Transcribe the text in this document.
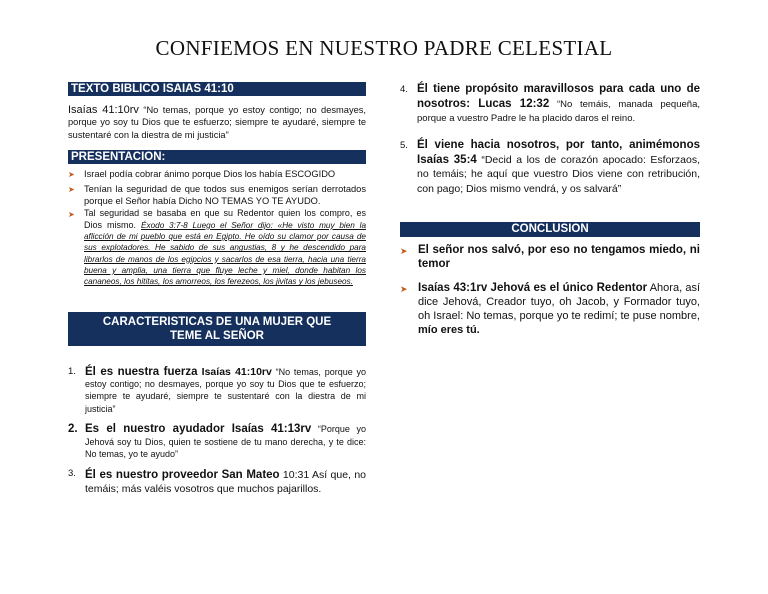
CONFIEMOS EN NUESTRO PADRE CELESTIAL
TEXTO BIBLICO ISAIAS 41:10
Isaías 41:10rv “No temas, porque yo estoy contigo; no desmayes, porque yo soy tu Dios que te esfuerzo; siempre te ayudaré, siempre te sustentaré con la diestra de mi justicia”
PRESENTACION:
➤ Israel podía cobrar ánimo porque Dios los había ESCOGIDO
➤ Tenían la seguridad de que todos sus enemigos serían derrotados porque el Señor había Dicho NO TEMAS YO TE AYUDO.
➤	Tal seguridad se basaba en que su Redentor quien los compro, es Dios mismo. Éxodo 3:7-8 Luego el Señor dijo: «He visto muy bien la aflicción de mi pueblo que está en Egipto. He oído su clamor por causa de sus explotadores. He sabido de sus angustias, 8 y he descendido para librarlos de manos de los egipcios y sacarlos de esa tierra, hacia una tierra buena y amplia, una tierra que fluye leche y miel, donde habitan los cananeos, los hititas, los amorreos, los ferezeos, los jivitas y los jebuseos.
CARACTERISTICAS DE UNA MUJER QUE
TEME AL SEÑOR
1. Él es nuestra fuerza Isaías 41:10rv “No temas, porque yo estoy contigo; no desmayes, porque yo soy tu Dios que te esfuerzo; siempre te ayudaré, siempre te sustentaré con la diestra de mi justicia”
2. Es el nuestro ayudador Isaías 41:13rv “Porque yo Jehová soy tu Dios, quien te sostiene de tu mano derecha, y te dice: No temas, yo te ayudo”
3. Él es nuestro proveedor San Mateo 10:31 Así que, no temáis; más valéis vosotros que muchos pajarillos.
4. Él tiene propósito maravillosos para cada uno de nosotros: Lucas 12:32 “No temáis, manada pequeña, porque a vuestro Padre le ha placido daros el reino.
5. Él viene hacia nosotros, por tanto, animémonos Isaías 35:4 “Decid a los de corazón apocado: Esforzaos, no temáis; he aquí que vuestro Dios viene con retribución, con pago; Dios mismo vendrá, y os salvará”
CONCLUSION
➤ El señor nos salvó, por eso no tengamos miedo, ni temor
➤ Isaías 43:1rv Jehová es el único Redentor Ahora, así dice Jehová, Creador tuyo, oh Jacob, y Formador tuyo, oh Israel: No temas, porque yo te redimí; te puse nombre, mío eres tú.
